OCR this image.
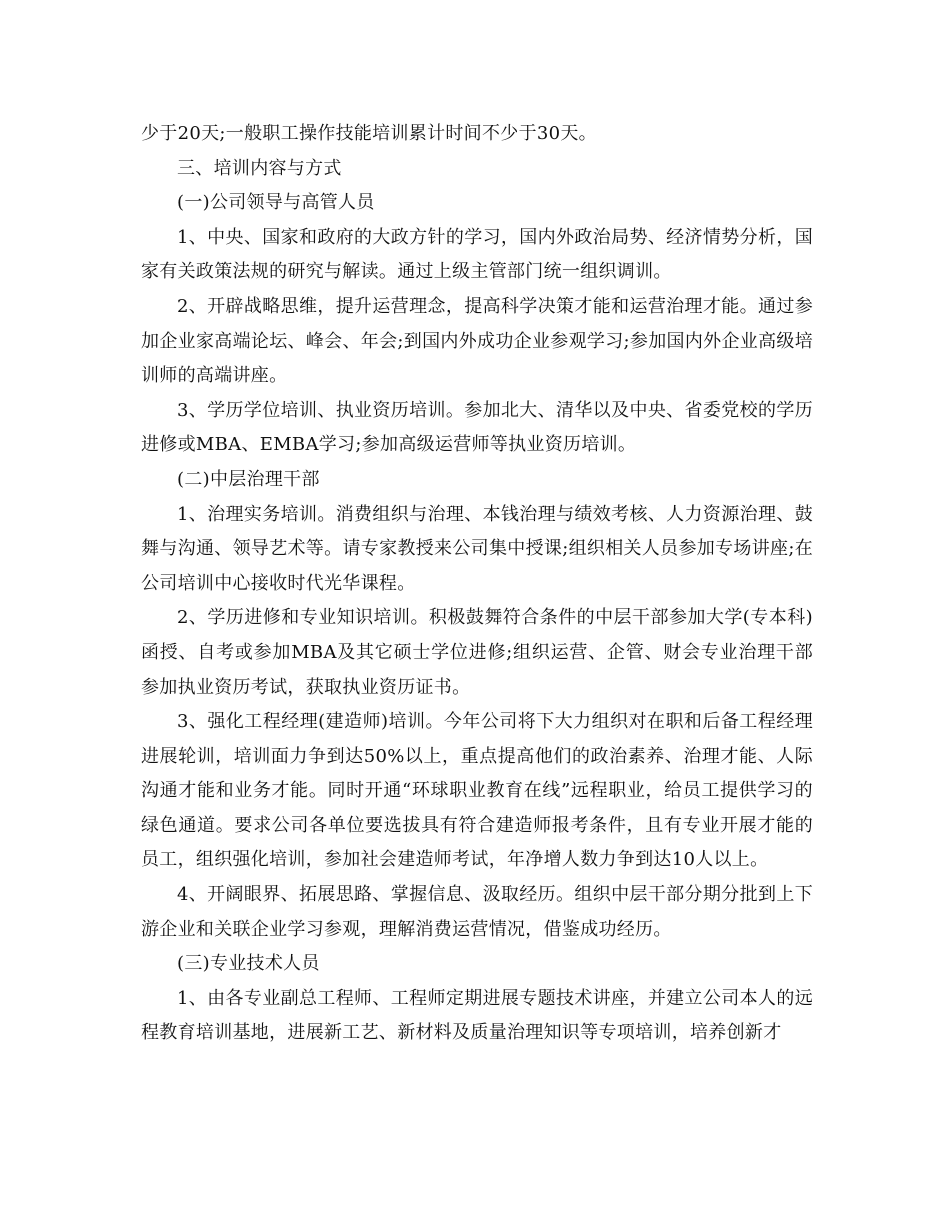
少于20天;一般职工操作技能培训累计时间不少于30天。

三、培训内容与方式

(一)公司领导与高管人员

1、中央、国家和政府的大政方针的学习，国内外政治局势、经济情势分析，国家有关政策法规的研究与解读。通过上级主管部门统一组织调训。

2、开辟战略思维，提升运营理念，提高科学决策才能和运营治理才能。通过参加企业家高端论坛、峰会、年会;到国内外成功企业参观学习;参加国内外企业高级培训师的高端讲座。

3、学历学位培训、执业资历培训。参加北大、清华以及中央、省委党校的学历进修或MBA、EMBA学习;参加高级运营师等执业资历培训。

(二)中层治理干部

1、治理实务培训。消费组织与治理、本钱治理与绩效考核、人力资源治理、鼓舞与沟通、领导艺术等。请专家教授来公司集中授课;组织相关人员参加专场讲座;在公司培训中心接收时代光华课程。

2、学历进修和专业知识培训。积极鼓舞符合条件的中层干部参加大学(专本科)函授、自考或参加MBA及其它硕士学位进修;组织运营、企管、财会专业治理干部参加执业资历考试，获取执业资历证书。

3、强化工程经理(建造师)培训。今年公司将下大力组织对在职和后备工程经理进展轮训，培训面力争到达50%以上，重点提高他们的政治素养、治理才能、人际沟通才能和业务才能。同时开通“环球职业教育在线”远程职业，给员工提供学习的绿色通道。要求公司各单位要选拔具有符合建造师报考条件，且有专业开展才能的员工，组织强化培训，参加社会建造师考试，年净增人数力争到达10人以上。

4、开阔眼界、拓展思路、掌握信息、汲取经历。组织中层干部分期分批到上下游企业和关联企业学习参观，理解消费运营情况，借鉴成功经历。

(三)专业技术人员

1、由各专业副总工程师、工程师定期进展专题技术讲座，并建立公司本人的远程教育培训基地，进展新工艺、新材料及质量治理知识等专项培训，培养创新才
